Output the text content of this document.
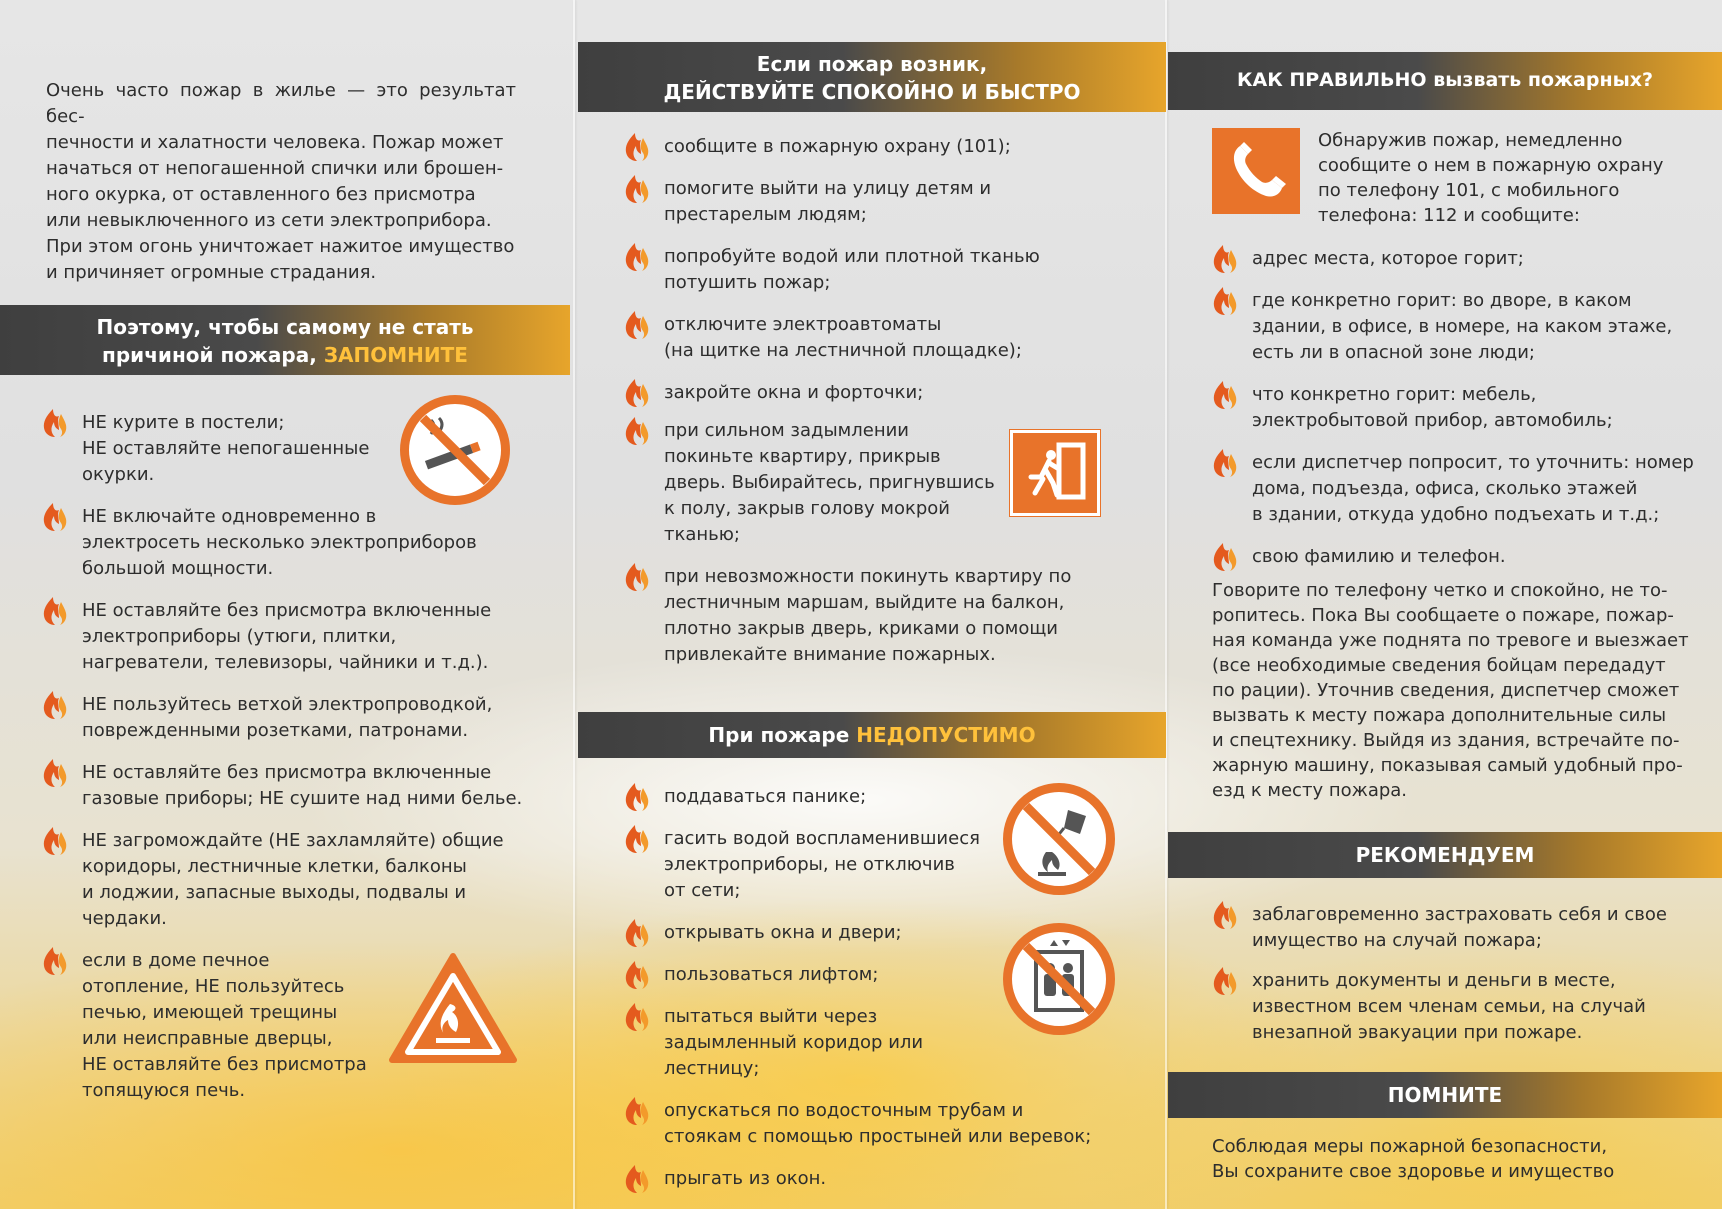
Очень часто пожар в жилье — это результат бес-
печности и халатности человека. Пожар может
начаться от непогашенной спички или брошен-
ного окурка, от оставленного без присмотра
или невыключенного из сети электроприбора.
При этом огонь уничтожает нажитое имущество
и причиняет огромные страдания.
Поэтому, чтобы самому не стать
причиной пожара, ЗАПОМНИТЕ
НЕ курите в постели;
НЕ оставляйте непогашенные
окурки.
НЕ включайте одновременно в
электросеть несколько электроприборов
большой мощности.
НЕ оставляйте без присмотра включенные
электроприборы (утюги, плитки,
нагреватели, телевизоры, чайники и т.д.).
НЕ пользуйтесь ветхой электропроводкой,
поврежденными розетками, патронами.
НЕ оставляйте без присмотра включенные
газовые приборы; НЕ сушите над ними белье.
НЕ загромождайте (НЕ захламляйте) общие
коридоры, лестничные клетки, балконы
и лоджии, запасные выходы, подвалы и
чердаки.
если в доме печное
отопление, НЕ пользуйтесь
печью, имеющей трещины
или неисправные дверцы,
НЕ оставляйте без присмотра
топящуюся печь.
Если пожар возник,
ДЕЙСТВУЙТЕ СПОКОЙНО И БЫСТРО
сообщите в пожарную охрану (101);
помогите выйти на улицу детям и
престарелым людям;
попробуйте водой или плотной тканью
потушить пожар;
отключите электроавтоматы
(на щитке на лестничной площадке);
закройте окна и форточки;
при сильном задымлении
покиньте квартиру, прикрыв
дверь. Выбирайтесь, пригнувшись
к полу, закрыв голову мокрой
тканью;
при невозможности покинуть квартиру по
лестничным маршам, выйдите на балкон,
плотно закрыв дверь, криками о помощи
привлекайте внимание пожарных.
При пожаре НЕДОПУСТИМО
поддаваться панике;
гасить водой воспламенившиеся
электроприборы, не отключив
от сети;
открывать окна и двери;
пользоваться лифтом;
пытаться выйти через
задымленный коридор или
лестницу;
опускаться по водосточным трубам и
стоякам с помощью простыней или веревок;
прыгать из окон.
КАК ПРАВИЛЬНО вызвать пожарных?
Обнаружив пожар, немедленно
сообщите о нем в пожарную охрану
по телефону 101, с мобильного
телефона: 112 и сообщите:
адрес места, которое горит;
где конкретно горит: во дворе, в каком
здании, в офисе, в номере, на каком этаже,
есть ли в опасной зоне люди;
что конкретно горит: мебель,
электробытовой прибор, автомобиль;
если диспетчер попросит, то уточнить: номер
дома, подъезда, офиса, сколько этажей
в здании, откуда удобно подъехать и т.д.;
свою фамилию и телефон.
Говорите по телефону четко и спокойно, не то-
ропитесь. Пока Вы сообщаете о пожаре, пожар-
ная команда уже поднята по тревоге и выезжает
(все необходимые сведения бойцам передадут
по рации). Уточнив сведения, диспетчер сможет
вызвать к месту пожара дополнительные силы
и спецтехнику. Выйдя из здания, встречайте по-
жарную машину, показывая самый удобный про-
езд к месту пожара.
РЕКОМЕНДУЕМ
заблаговременно застраховать себя и свое
имущество на случай пожара;
хранить документы и деньги в месте,
известном всем членам семьи, на случай
внезапной эвакуации при пожаре.
ПОМНИТЕ
Соблюдая меры пожарной безопасности,
Вы сохраните свое здоровье и имущество
